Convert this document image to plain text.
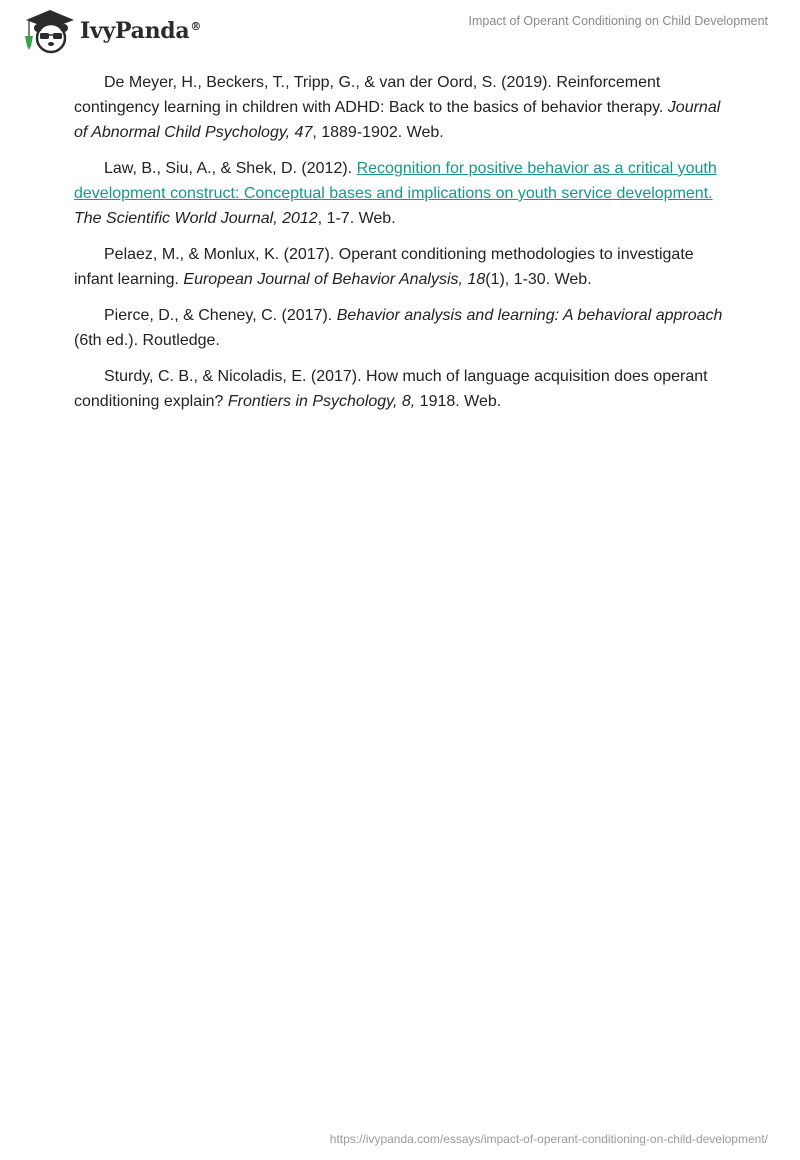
IvyPanda®	Impact of Operant Conditioning on Child Development

De Meyer, H., Beckers, T., Tripp, G., & van der Oord, S. (2019). Reinforcement contingency learning in children with ADHD: Back to the basics of behavior therapy. Journal of Abnormal Child Psychology, 47, 1889-1902. Web.

Law, B., Siu, A., & Shek, D. (2012). Recognition for positive behavior as a critical youth development construct: Conceptual bases and implications on youth service development. The Scientific World Journal, 2012, 1-7. Web.

Pelaez, M., & Monlux, K. (2017). Operant conditioning methodologies to investigate infant learning. European Journal of Behavior Analysis, 18(1), 1-30. Web.

Pierce, D., & Cheney, C. (2017). Behavior analysis and learning: A behavioral approach (6th ed.). Routledge.

Sturdy, C. B., & Nicoladis, E. (2017). How much of language acquisition does operant conditioning explain? Frontiers in Psychology, 8, 1918. Web.

https://ivypanda.com/essays/impact-of-operant-conditioning-on-child-development/
